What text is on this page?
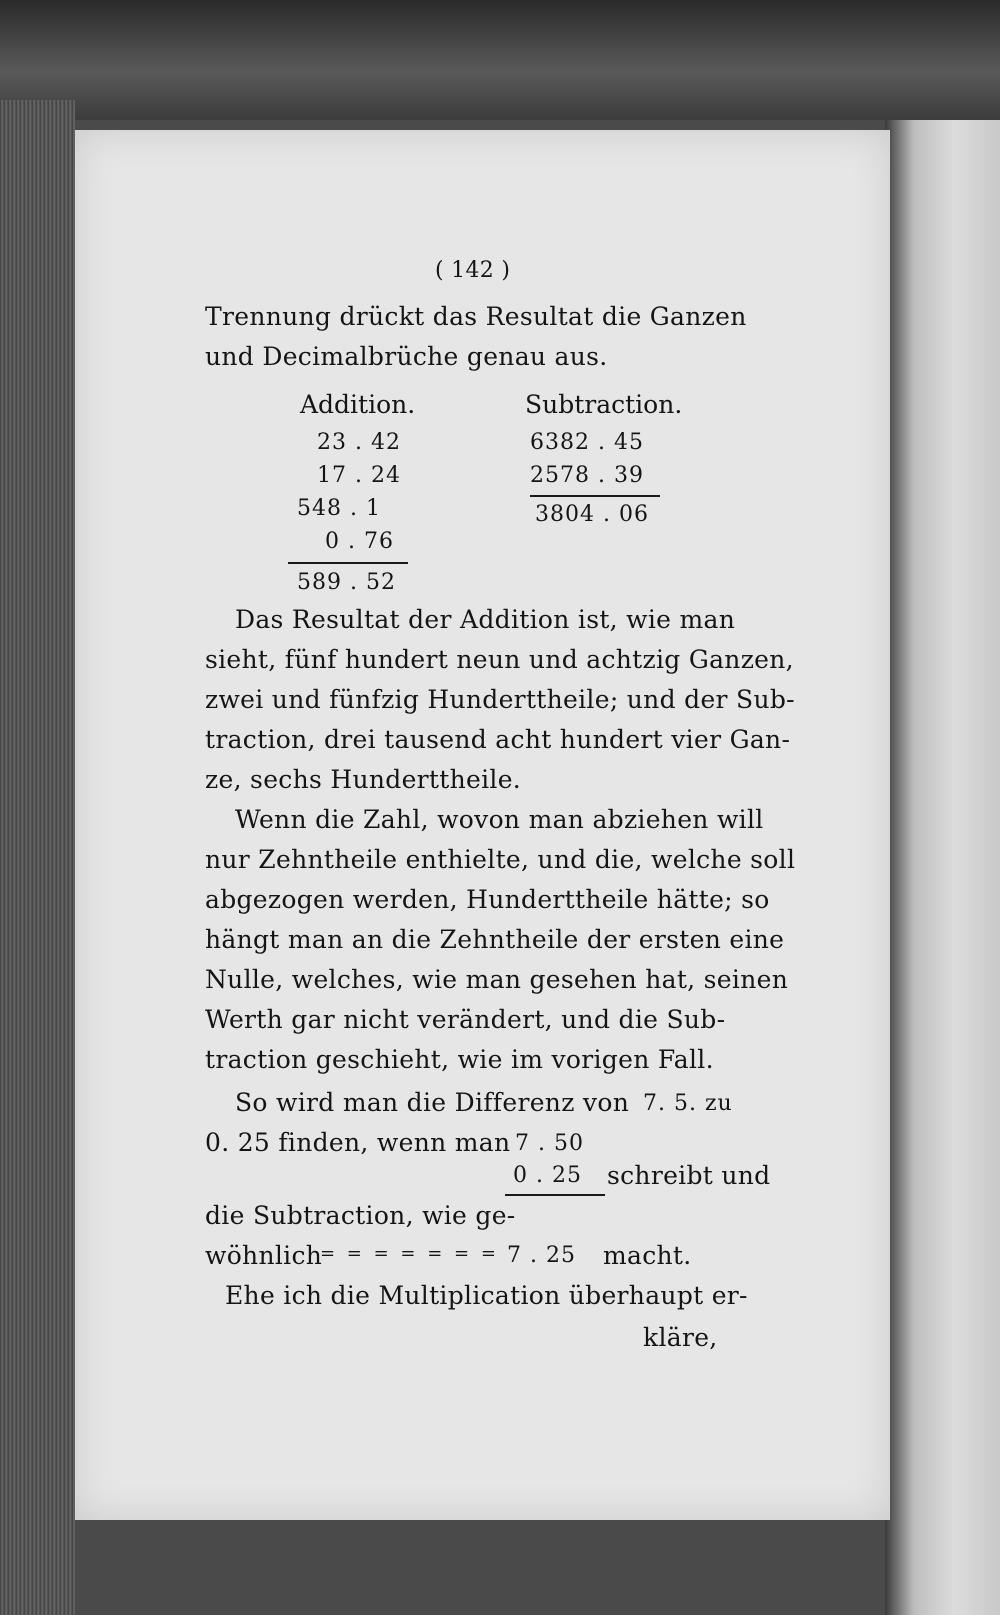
( 142 )
Trennung drückt das Resultat die Ganzen
und Decimalbrüche genau aus.
Addition.
23 . 42
17 . 24
548 . 1
0 . 76
589 . 52
Subtraction.
6382 . 45
2578 . 39
3804 . 06
Das Resultat der Addition ist, wie man
sieht, fünf hundert neun und achtzig Ganzen,
zwei und fünfzig Hunderttheile; und der Sub-
traction, drei tausend acht hundert vier Gan-
ze, sechs Hunderttheile.
Wenn die Zahl, wovon man abziehen will
nur Zehntheile enthielte, und die, welche soll
abgezogen werden, Hunderttheile hätte; so
hängt man an die Zehntheile der ersten eine
Nulle, welches, wie man gesehen hat, seinen
Werth gar nicht verändert, und die Sub-
traction geschieht, wie im vorigen Fall.
So wird man die Differenz von 7. 5. zu
0. 25 finden, wenn man 7 . 50
0 . 25 schreibt und
die Subtraction, wie ge-
wöhnlich
= = = = = = = 7 . 25 macht.
Ehe ich die Multiplication überhaupt er-
kläre,
